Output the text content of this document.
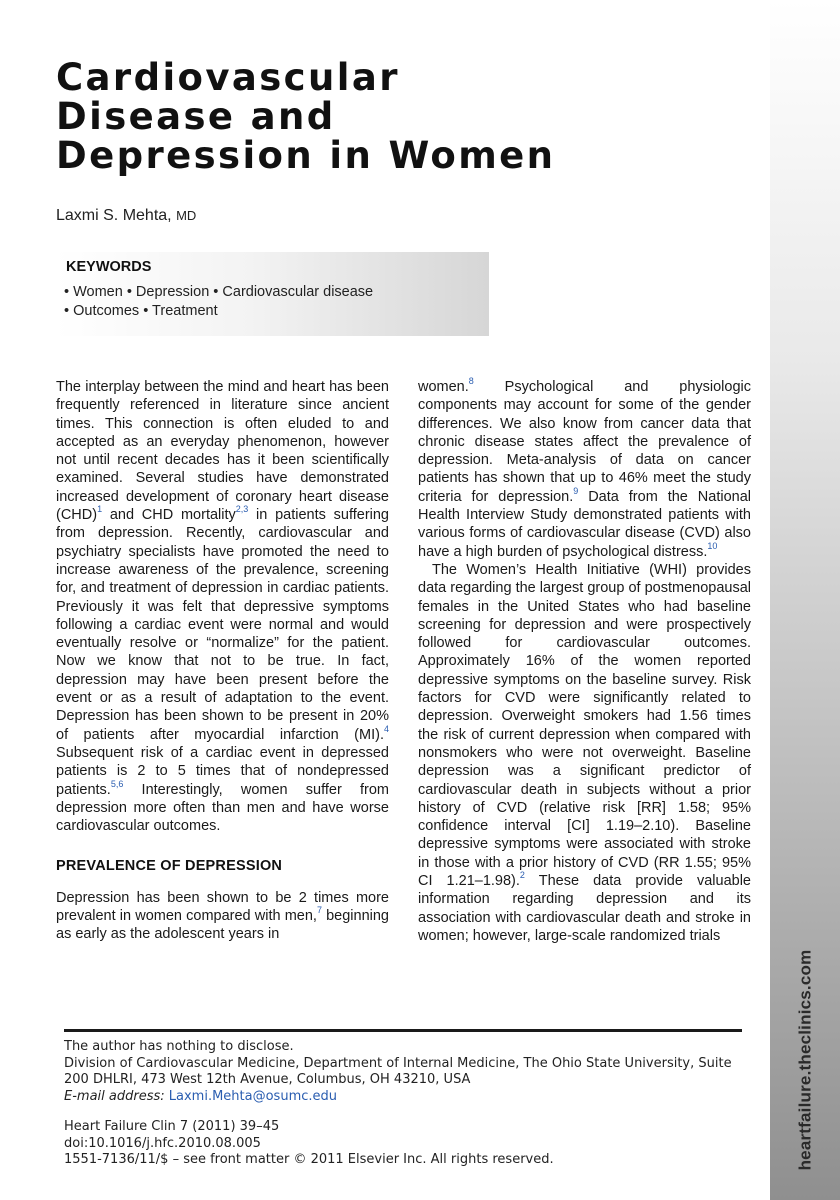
heartfailure.theclinics.com
Cardiovascular
Disease and
Depression in Women
Laxmi S. Mehta, MD
KEYWORDS
• Women • Depression • Cardiovascular disease
• Outcomes • Treatment

The interplay between the mind and heart has been frequently referenced in literature since ancient times. This connection is often eluded to and accepted as an everyday phenomenon, however not until recent decades has it been scientifically examined. Several studies have demonstrated increased development of coronary heart disease (CHD)$^1$ and CHD mortality$^{2,3}$ in patients suffering from depression. Recently, cardiovascular and psychiatry specialists have promoted the need to increase awareness of the prevalence, screening for, and treatment of depression in cardiac patients. Previously it was felt that depressive symptoms following a cardiac event were normal and would eventually resolve or “normalize” for the patient. Now we know that not to be true. In fact, depression may have been present before the event or as a result of adaptation to the event. Depression has been shown to be present in 20% of patients after myocardial infarction (MI).$^4$ Subsequent risk of a cardiac event in depressed patients is 2 to 5 times that of nondepressed patients.$^{5,6}$ Interestingly, women suffer from depression more often than men and have worse cardiovascular outcomes.

PREVALENCE OF DEPRESSION

Depression has been shown to be 2 times more prevalent in women compared with men,$^7$ beginning as early as the adolescent years in

women.$^8$ Psychological and physiologic components may account for some of the gender differences. We also know from cancer data that chronic disease states affect the prevalence of depression. Meta-analysis of data on cancer patients has shown that up to 46% meet the study criteria for depression.$^9$ Data from the National Health Interview Study demonstrated patients with various forms of cardiovascular disease (CVD) also have a high burden of psychological distress.$^{10}$

The Women’s Health Initiative (WHI) provides data regarding the largest group of postmenopausal females in the United States who had baseline screening for depression and were prospectively followed for cardiovascular outcomes. Approximately 16% of the women reported depressive symptoms on the baseline survey. Risk factors for CVD were significantly related to depression. Overweight smokers had 1.56 times the risk of current depression when compared with nonsmokers who were not overweight. Baseline depression was a significant predictor of cardiovascular death in subjects without a prior history of CVD (relative risk [RR] 1.58; 95% confidence interval [CI] 1.19–2.10). Baseline depressive symptoms were associated with stroke in those with a prior history of CVD (RR 1.55; 95% CI 1.21–1.98).$^2$ These data provide valuable information regarding depression and its association with cardiovascular death and stroke in women; however, large-scale randomized trials

The author has nothing to disclose.

Division of Cardiovascular Medicine, Department of Internal Medicine, The Ohio State University, Suite 200 DHLRI, 473 West 12th Avenue, Columbus, OH 43210, USA

E-mail address: Laxmi.Mehta@osumc.edu

Heart Failure Clin 7 (2011) 39–45

doi:10.1016/j.hfc.2010.08.005

1551-7136/11/$ – see front matter © 2011 Elsevier Inc. All rights reserved.
